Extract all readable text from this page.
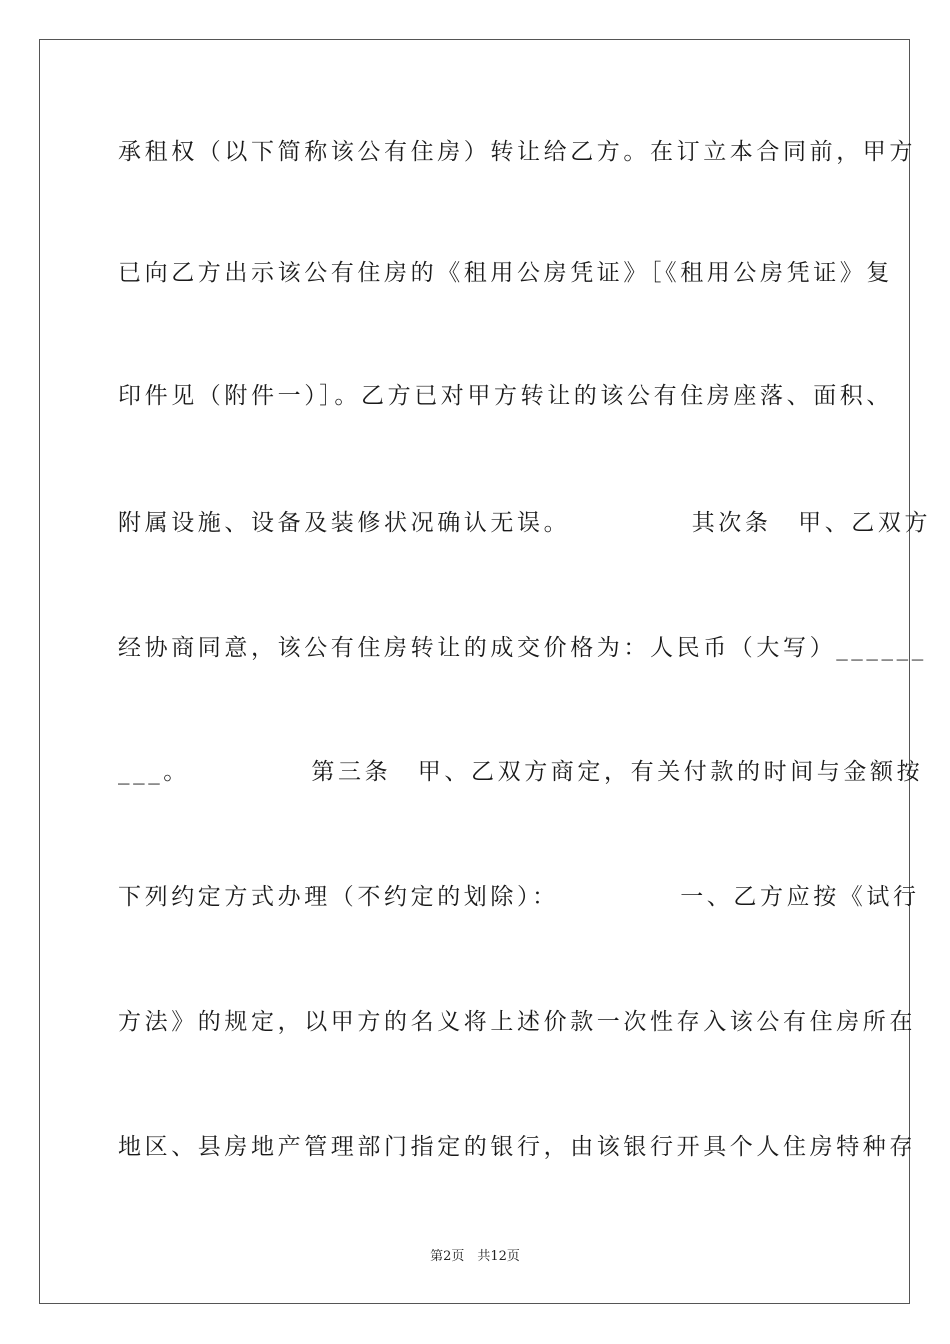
承租权（以下简称该公有住房）转让给乙方。在订立本合同前，甲方
已向乙方出示该公有住房的《租用公房凭证》［《租用公房凭证》复
印件见（附件一）］。乙方已对甲方转让的该公有住房座落、面积、
附属设施、设备及装修状况确认无误。　　　　　其次条　甲、乙双方
经协商同意，该公有住房转让的成交价格为：人民币（大写）______
___。　　　　　第三条　甲、乙双方商定，有关付款的时间与金额按
下列约定方式办理（不约定的划除）：　　　　　一、乙方应按《试行
方法》的规定，以甲方的名义将上述价款一次性存入该公有住房所在
地区、县房地产管理部门指定的银行，由该银行开具个人住房特种存
第2页　共12页
